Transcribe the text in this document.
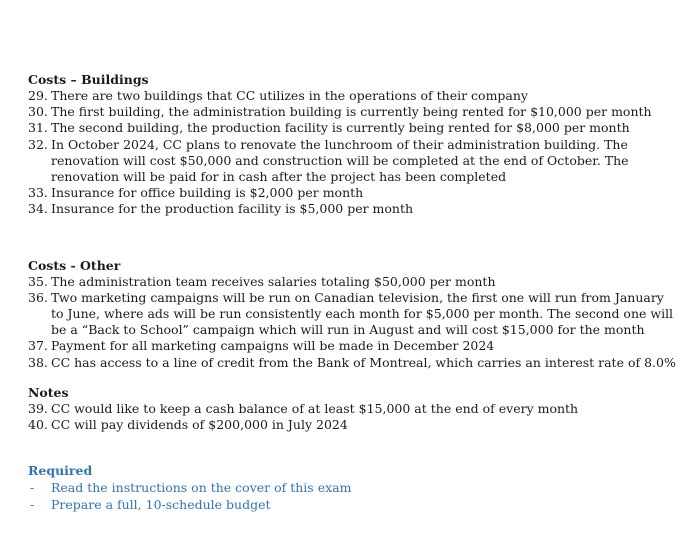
Costs – Buildings
29. There are two buildings that CC utilizes in the operations of their company
30. The first building, the administration building is currently being rented for $10,000 per month
31. The second building, the production facility is currently being rented for $8,000 per month
32. In October 2024, CC plans to renovate the lunchroom of their administration building. The renovation will cost $50,000 and construction will be completed at the end of October. The renovation will be paid for in cash after the project has been completed
33. Insurance for office building is $2,000 per month
34. Insurance for the production facility is $5,000 per month
Costs - Other
35. The administration team receives salaries totaling $50,000 per month
36. Two marketing campaigns will be run on Canadian television, the first one will run from January to June, where ads will be run consistently each month for $5,000 per month. The second one will be a “Back to School” campaign which will run in August and will cost $15,000 for the month
37. Payment for all marketing campaigns will be made in December 2024
38. CC has access to a line of credit from the Bank of Montreal, which carries an interest rate of 8.0%
Notes
39. CC would like to keep a cash balance of at least $15,000 at the end of every month
40. CC will pay dividends of $200,000 in July 2024
Required
- Read the instructions on the cover of this exam
- Prepare a full, 10-schedule budget
